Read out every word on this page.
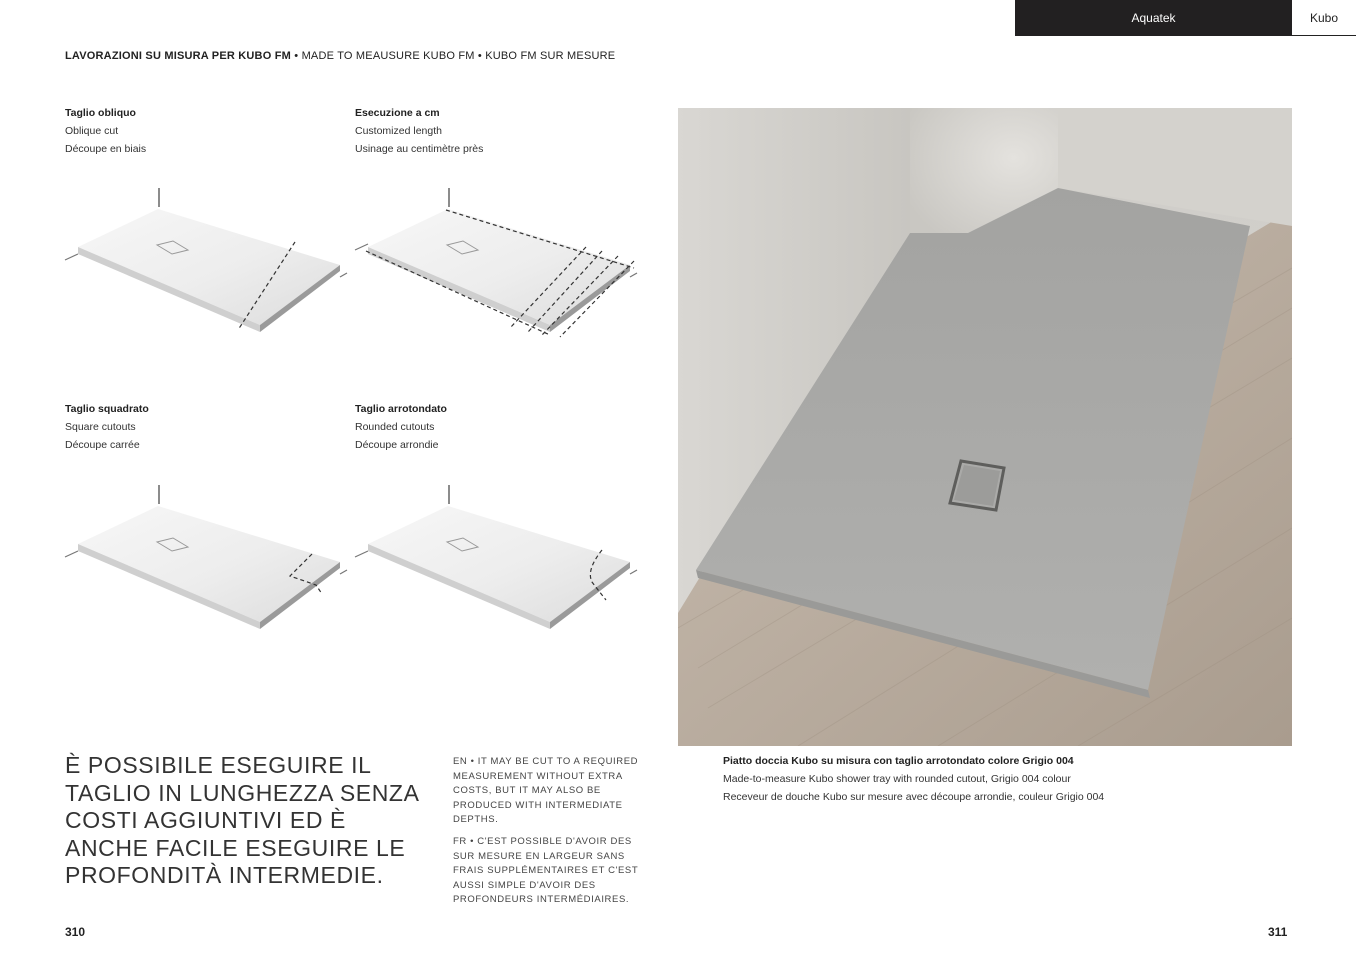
Aquatek	Kubo
LAVORAZIONI SU MISURA PER KUBO FM • MADE TO MEAUSURE KUBO FM • KUBO FM SUR MESURE
Taglio obliquo
Oblique cut
Découpe en biais
Esecuzione a cm
Customized length
Usinage au centimètre près
Taglio squadrato
Square cutouts
Découpe carrée
Taglio arrotondato
Rounded cutouts
Découpe arrondie
È POSSIBILE ESEGUIRE IL TAGLIO IN LUNGHEZZA SENZA COSTI AGGIUNTIVI ED È ANCHE FACILE ESEGUIRE LE PROFONDITÀ INTERMEDIE.
EN • IT MAY BE CUT TO A REQUIRED MEASUREMENT WITHOUT EXTRA COSTS, BUT IT MAY ALSO BE PRODUCED WITH INTERMEDIATE DEPTHS.
FR • C'EST POSSIBLE D'AVOIR DES SUR MESURE EN LARGEUR SANS FRAIS SUPPLÉMENTAIRES ET C'EST AUSSI SIMPLE D'AVOIR DES PROFONDEURS INTERMÉDIAIRES.
Piatto doccia Kubo su misura con taglio arrotondato colore Grigio 004
Made-to-measure Kubo shower tray with rounded cutout, Grigio 004 colour
Receveur de douche Kubo sur mesure avec découpe arrondie, couleur Grigio 004
310	311
